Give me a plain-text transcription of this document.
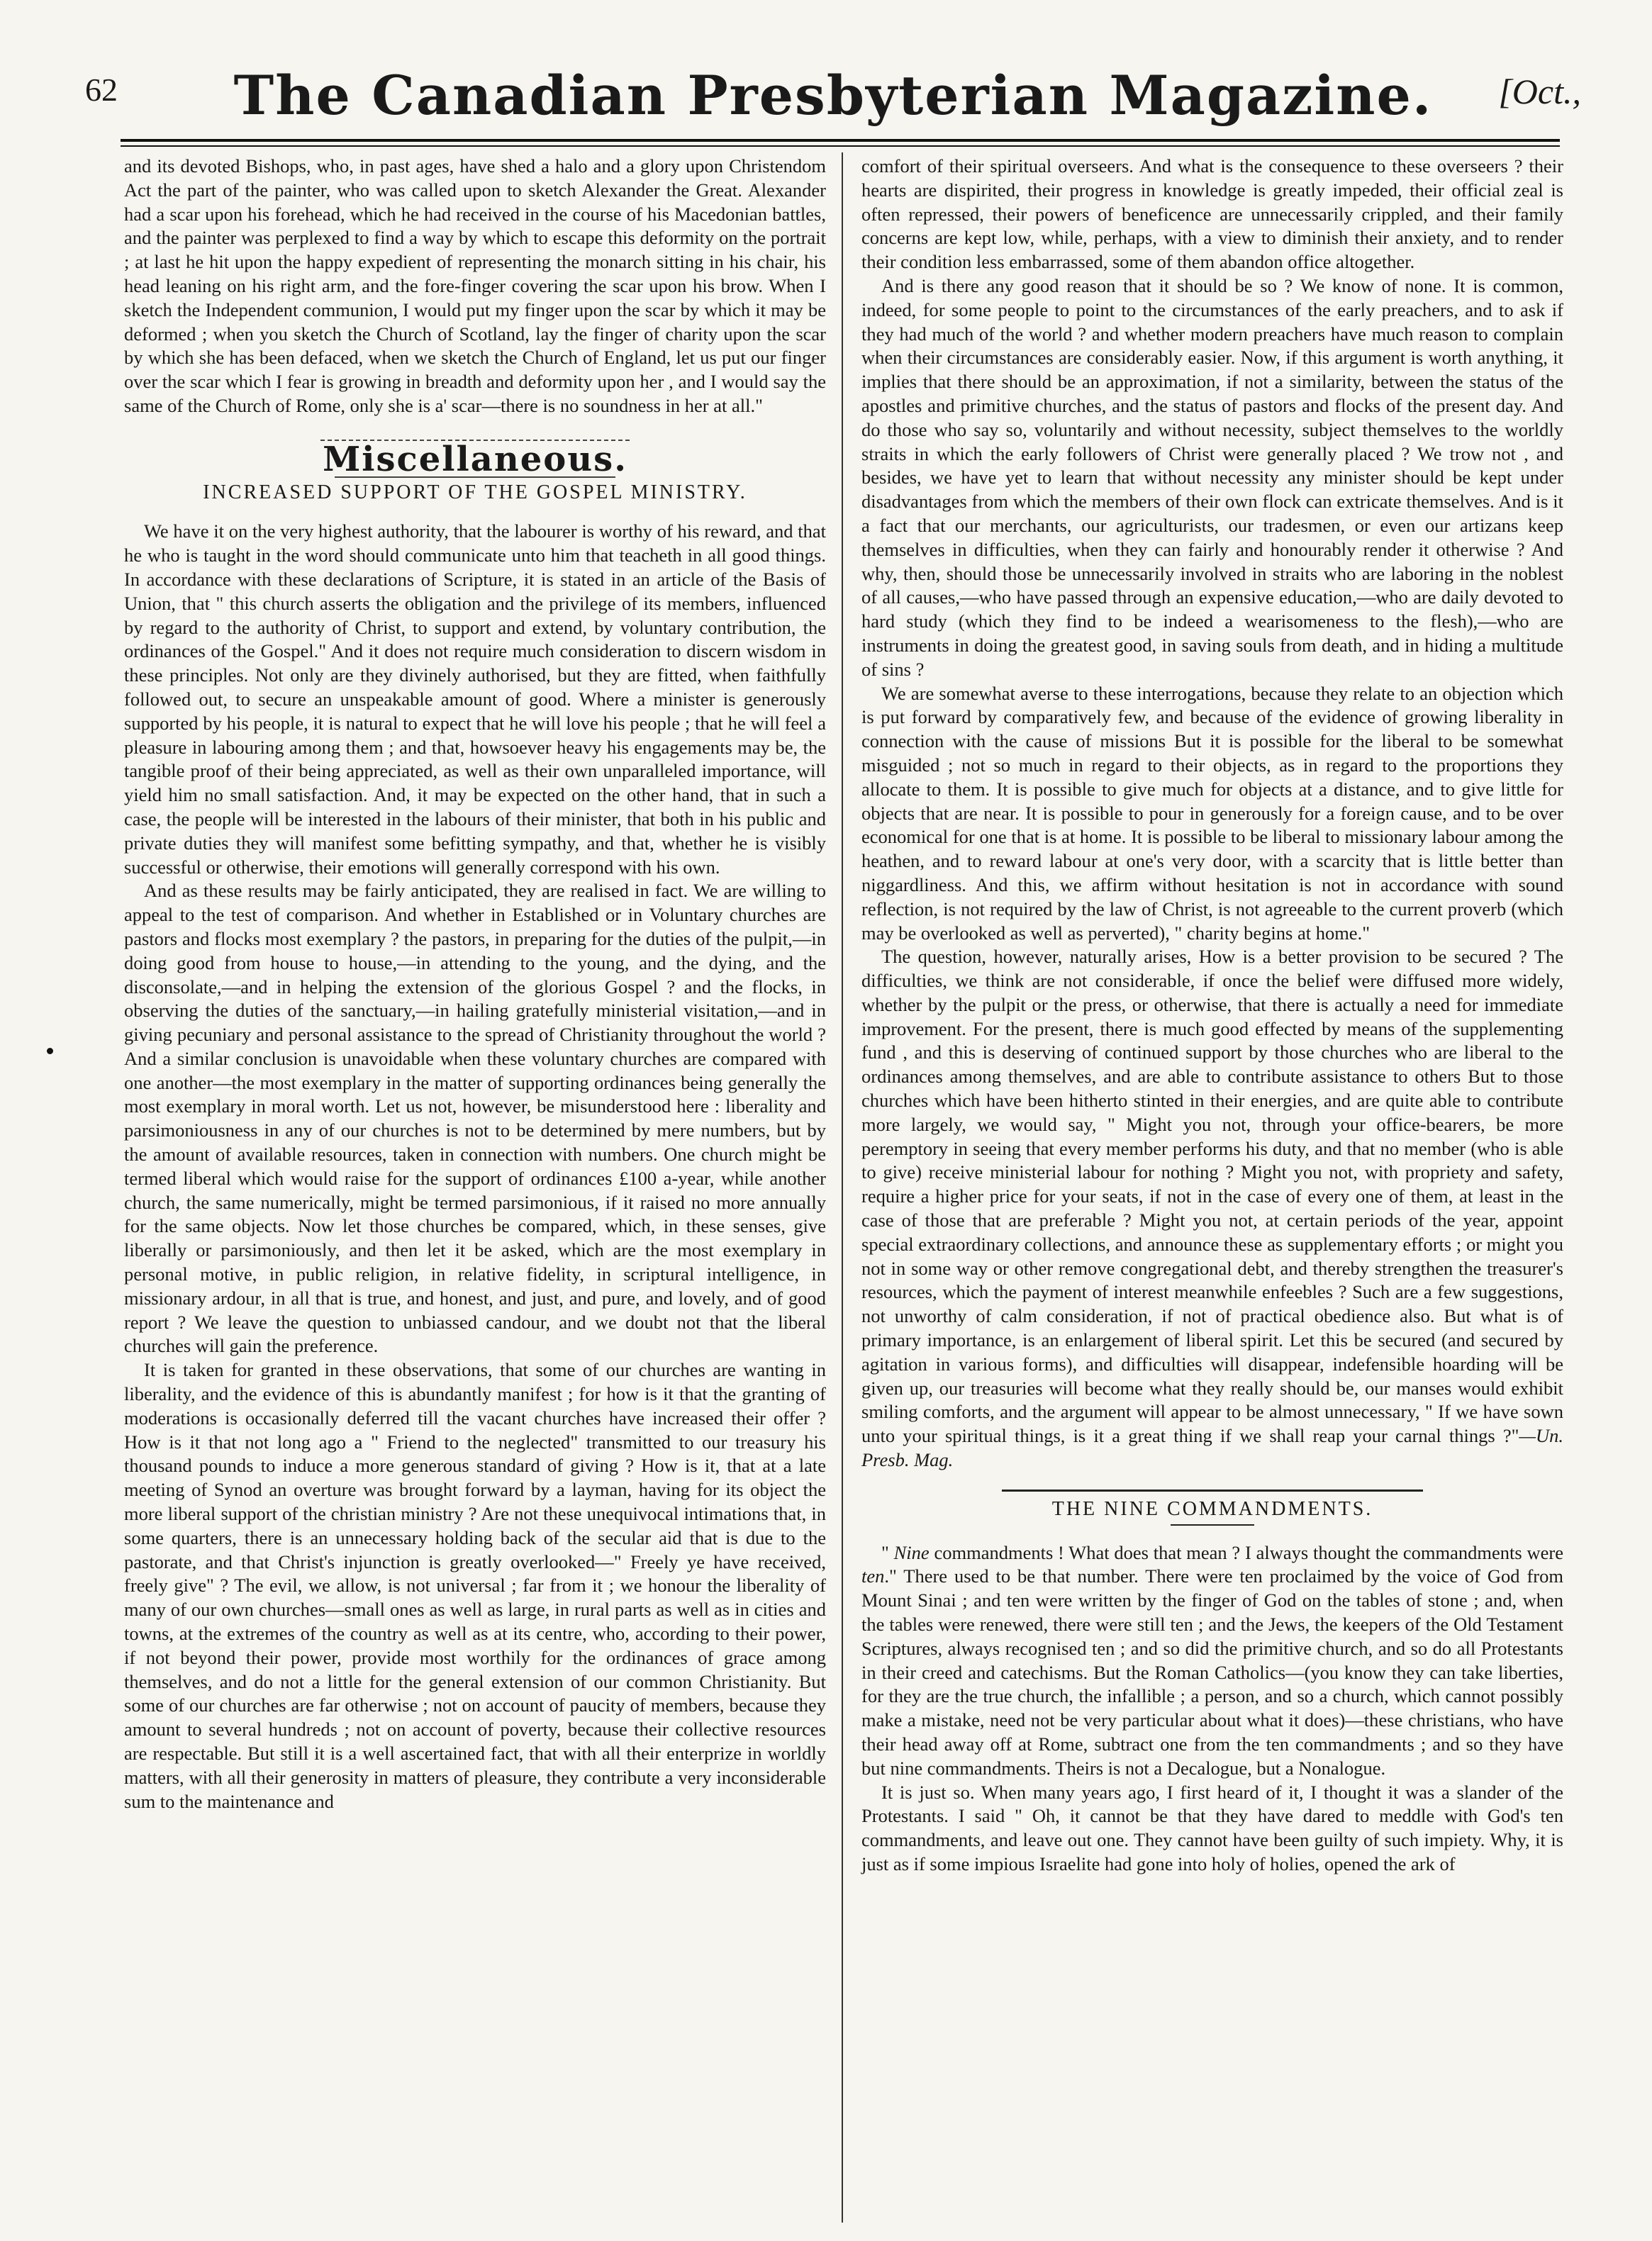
62	The Canadian Presbyterian Magazine.	[Oct.,

and its devoted Bishops, who, in past ages, have shed a halo and a glory upon Christendom Act the part of the painter, who was called upon to sketch Alexander the Great. Alexander had a scar upon his forehead, which he had received in the course of his Macedonian battles, and the painter was perplexed to find a way by which to escape this deformity on the portrait ; at last he hit upon the happy expedient of representing the monarch sitting in his chair, his head leaning on his right arm, and the fore-finger covering the scar upon his brow. When I sketch the Independent communion, I would put my finger upon the scar by which it may be deformed ; when you sketch the Church of Scotland, lay the finger of charity upon the scar by which she has been defaced, when we sketch the Church of England, let us put our finger over the scar which I fear is growing in breadth and deformity upon her , and I would say the same of the Church of Rome, only she is a' scar—there is no soundness in her at all."

Miscellaneous.
INCREASED SUPPORT OF THE GOSPEL MINISTRY.

We have it on the very highest authority, that the labourer is worthy of his reward, and that he who is taught in the word should communicate unto him that teacheth in all good things. In accordance with these declarations of Scripture, it is stated in an article of the Basis of Union, that " this church asserts the obligation and the privilege of its members, influenced by regard to the authority of Christ, to support and extend, by voluntary contribution, the ordinances of the Gospel." And it does not require much consideration to discern wisdom in these principles. Not only are they divinely authorised, but they are fitted, when faithfully followed out, to secure an unspeakable amount of good. Where a minister is generously supported by his people, it is natural to expect that he will love his people ; that he will feel a pleasure in labouring among them ; and that, howsoever heavy his engagements may be, the tangible proof of their being appreciated, as well as their own unparalleled importance, will yield him no small satisfaction. And, it may be expected on the other hand, that in such a case, the people will be interested in the labours of their minister, that both in his public and private duties they will manifest some befitting sympathy, and that, whether he is visibly successful or otherwise, their emotions will generally correspond with his own.

And as these results may be fairly anticipated, they are realised in fact. We are willing to appeal to the test of comparison. And whether in Established or in Voluntary churches are pastors and flocks most exemplary ? the pastors, in preparing for the duties of the pulpit,—in doing good from house to house,—in attending to the young, and the dying, and the disconsolate,—and in helping the extension of the glorious Gospel ? and the flocks, in observing the duties of the sanctuary,—in hailing gratefully ministerial visitation,—and in giving pecuniary and personal assistance to the spread of Christianity throughout the world ? And a similar conclusion is unavoidable when these voluntary churches are compared with one another—the most exemplary in the matter of supporting ordinances being generally the most exemplary in moral worth. Let us not, however, be misunderstood here : liberality and parsimoniousness in any of our churches is not to be determined by mere numbers, but by the amount of available resources, taken in connection with numbers. One church might be termed liberal which would raise for the support of ordinances £100 a-year, while another church, the same numerically, might be termed parsimonious, if it raised no more annually for the same objects. Now let those churches be compared, which, in these senses, give liberally or parsimoniously, and then let it be asked, which are the most exemplary in personal motive, in public religion, in relative fidelity, in scriptural intelligence, in missionary ardour, in all that is true, and honest, and just, and pure, and lovely, and of good report ? We leave the question to unbiassed candour, and we doubt not that the liberal churches will gain the preference.

It is taken for granted in these observations, that some of our churches are wanting in liberality, and the evidence of this is abundantly manifest ; for how is it that the granting of moderations is occasionally deferred till the vacant churches have increased their offer ? How is it that not long ago a " Friend to the neglected" transmitted to our treasury his thousand pounds to induce a more generous standard of giving ? How is it, that at a late meeting of Synod an overture was brought forward by a layman, having for its object the more liberal support of the christian ministry ? Are not these unequivocal intimations that, in some quarters, there is an unnecessary holding back of the secular aid that is due to the pastorate, and that Christ's injunction is greatly overlooked—" Freely ye have received, freely give" ? The evil, we allow, is not universal ; far from it ; we honour the liberality of many of our own churches—small ones as well as large, in rural parts as well as in cities and towns, at the extremes of the country as well as at its centre, who, according to their power, if not beyond their power, provide most worthily for the ordinances of grace among themselves, and do not a little for the general extension of our common Christianity. But some of our churches are far otherwise ; not on account of paucity of members, because they amount to several hundreds ; not on account of poverty, because their collective resources are respectable. But still it is a well ascertained fact, that with all their enterprize in worldly matters, with all their generosity in matters of pleasure, they contribute a very inconsiderable sum to the maintenance and

comfort of their spiritual overseers. And what is the consequence to these overseers ? their hearts are dispirited, their progress in knowledge is greatly impeded, their official zeal is often repressed, their powers of beneficence are unnecessarily crippled, and their family concerns are kept low, while, perhaps, with a view to diminish their anxiety, and to render their condition less embarrassed, some of them abandon office altogether.

And is there any good reason that it should be so ? We know of none. It is common, indeed, for some people to point to the circumstances of the early preachers, and to ask if they had much of the world ? and whether modern preachers have much reason to complain when their circumstances are considerably easier. Now, if this argument is worth anything, it implies that there should be an approximation, if not a similarity, between the status of the apostles and primitive churches, and the status of pastors and flocks of the present day. And do those who say so, voluntarily and without necessity, subject themselves to the worldly straits in which the early followers of Christ were generally placed ? We trow not , and besides, we have yet to learn that without necessity any minister should be kept under disadvantages from which the members of their own flock can extricate themselves. And is it a fact that our merchants, our agriculturists, our tradesmen, or even our artizans keep themselves in difficulties, when they can fairly and honourably render it otherwise ? And why, then, should those be unnecessarily involved in straits who are laboring in the noblest of all causes,—who have passed through an expensive education,—who are daily devoted to hard study (which they find to be indeed a wearisomeness to the flesh),—who are instruments in doing the greatest good, in saving souls from death, and in hiding a multitude of sins ?

We are somewhat averse to these interrogations, because they relate to an objection which is put forward by comparatively few, and because of the evidence of growing liberality in connection with the cause of missions But it is possible for the liberal to be somewhat misguided ; not so much in regard to their objects, as in regard to the proportions they allocate to them. It is possible to give much for objects at a distance, and to give little for objects that are near. It is possible to pour in generously for a foreign cause, and to be over economical for one that is at home. It is possible to be liberal to missionary labour among the heathen, and to reward labour at one's very door, with a scarcity that is little better than niggardliness. And this, we affirm without hesitation is not in accordance with sound reflection, is not required by the law of Christ, is not agreeable to the current proverb (which may be overlooked as well as perverted), " charity begins at home."

The question, however, naturally arises, How is a better provision to be secured ? The difficulties, we think are not considerable, if once the belief were diffused more widely, whether by the pulpit or the press, or otherwise, that there is actually a need for immediate improvement. For the present, there is much good effected by means of the supplementing fund , and this is deserving of continued support by those churches who are liberal to the ordinances among themselves, and are able to contribute assistance to others But to those churches which have been hitherto stinted in their energies, and are quite able to contribute more largely, we would say, " Might you not, through your office-bearers, be more peremptory in seeing that every member performs his duty, and that no member (who is able to give) receive ministerial labour for nothing ? Might you not, with propriety and safety, require a higher price for your seats, if not in the case of every one of them, at least in the case of those that are preferable ? Might you not, at certain periods of the year, appoint special extraordinary collections, and announce these as supplementary efforts ; or might you not in some way or other remove congregational debt, and thereby strengthen the treasurer's resources, which the payment of interest meanwhile enfeebles ? Such are a few suggestions, not unworthy of calm consideration, if not of practical obedience also. But what is of primary importance, is an enlargement of liberal spirit. Let this be secured (and secured by agitation in various forms), and difficulties will disappear, indefensible hoarding will be given up, our treasuries will become what they really should be, our manses would exhibit smiling comforts, and the argument will appear to be almost unnecessary, " If we have sown unto your spiritual things, is it a great thing if we shall reap your carnal things ?"—Un. Presb. Mag.

THE NINE COMMANDMENTS.

" Nine commandments ! What does that mean ? I always thought the commandments were ten." There used to be that number. There were ten proclaimed by the voice of God from Mount Sinai ; and ten were written by the finger of God on the tables of stone ; and, when the tables were renewed, there were still ten ; and the Jews, the keepers of the Old Testament Scriptures, always recognised ten ; and so did the primitive church, and so do all Protestants in their creed and catechisms. But the Roman Catholics—(you know they can take liberties, for they are the true church, the infallible ; a person, and so a church, which cannot possibly make a mistake, need not be very particular about what it does)—these christians, who have their head away off at Rome, subtract one from the ten commandments ; and so they have but nine commandments. Theirs is not a Decalogue, but a Nonalogue.

It is just so. When many years ago, I first heard of it, I thought it was a slander of the Protestants. I said " Oh, it cannot be that they have dared to meddle with God's ten commandments, and leave out one. They cannot have been guilty of such impiety. Why, it is just as if some impious Israelite had gone into holy of holies, opened the ark of
